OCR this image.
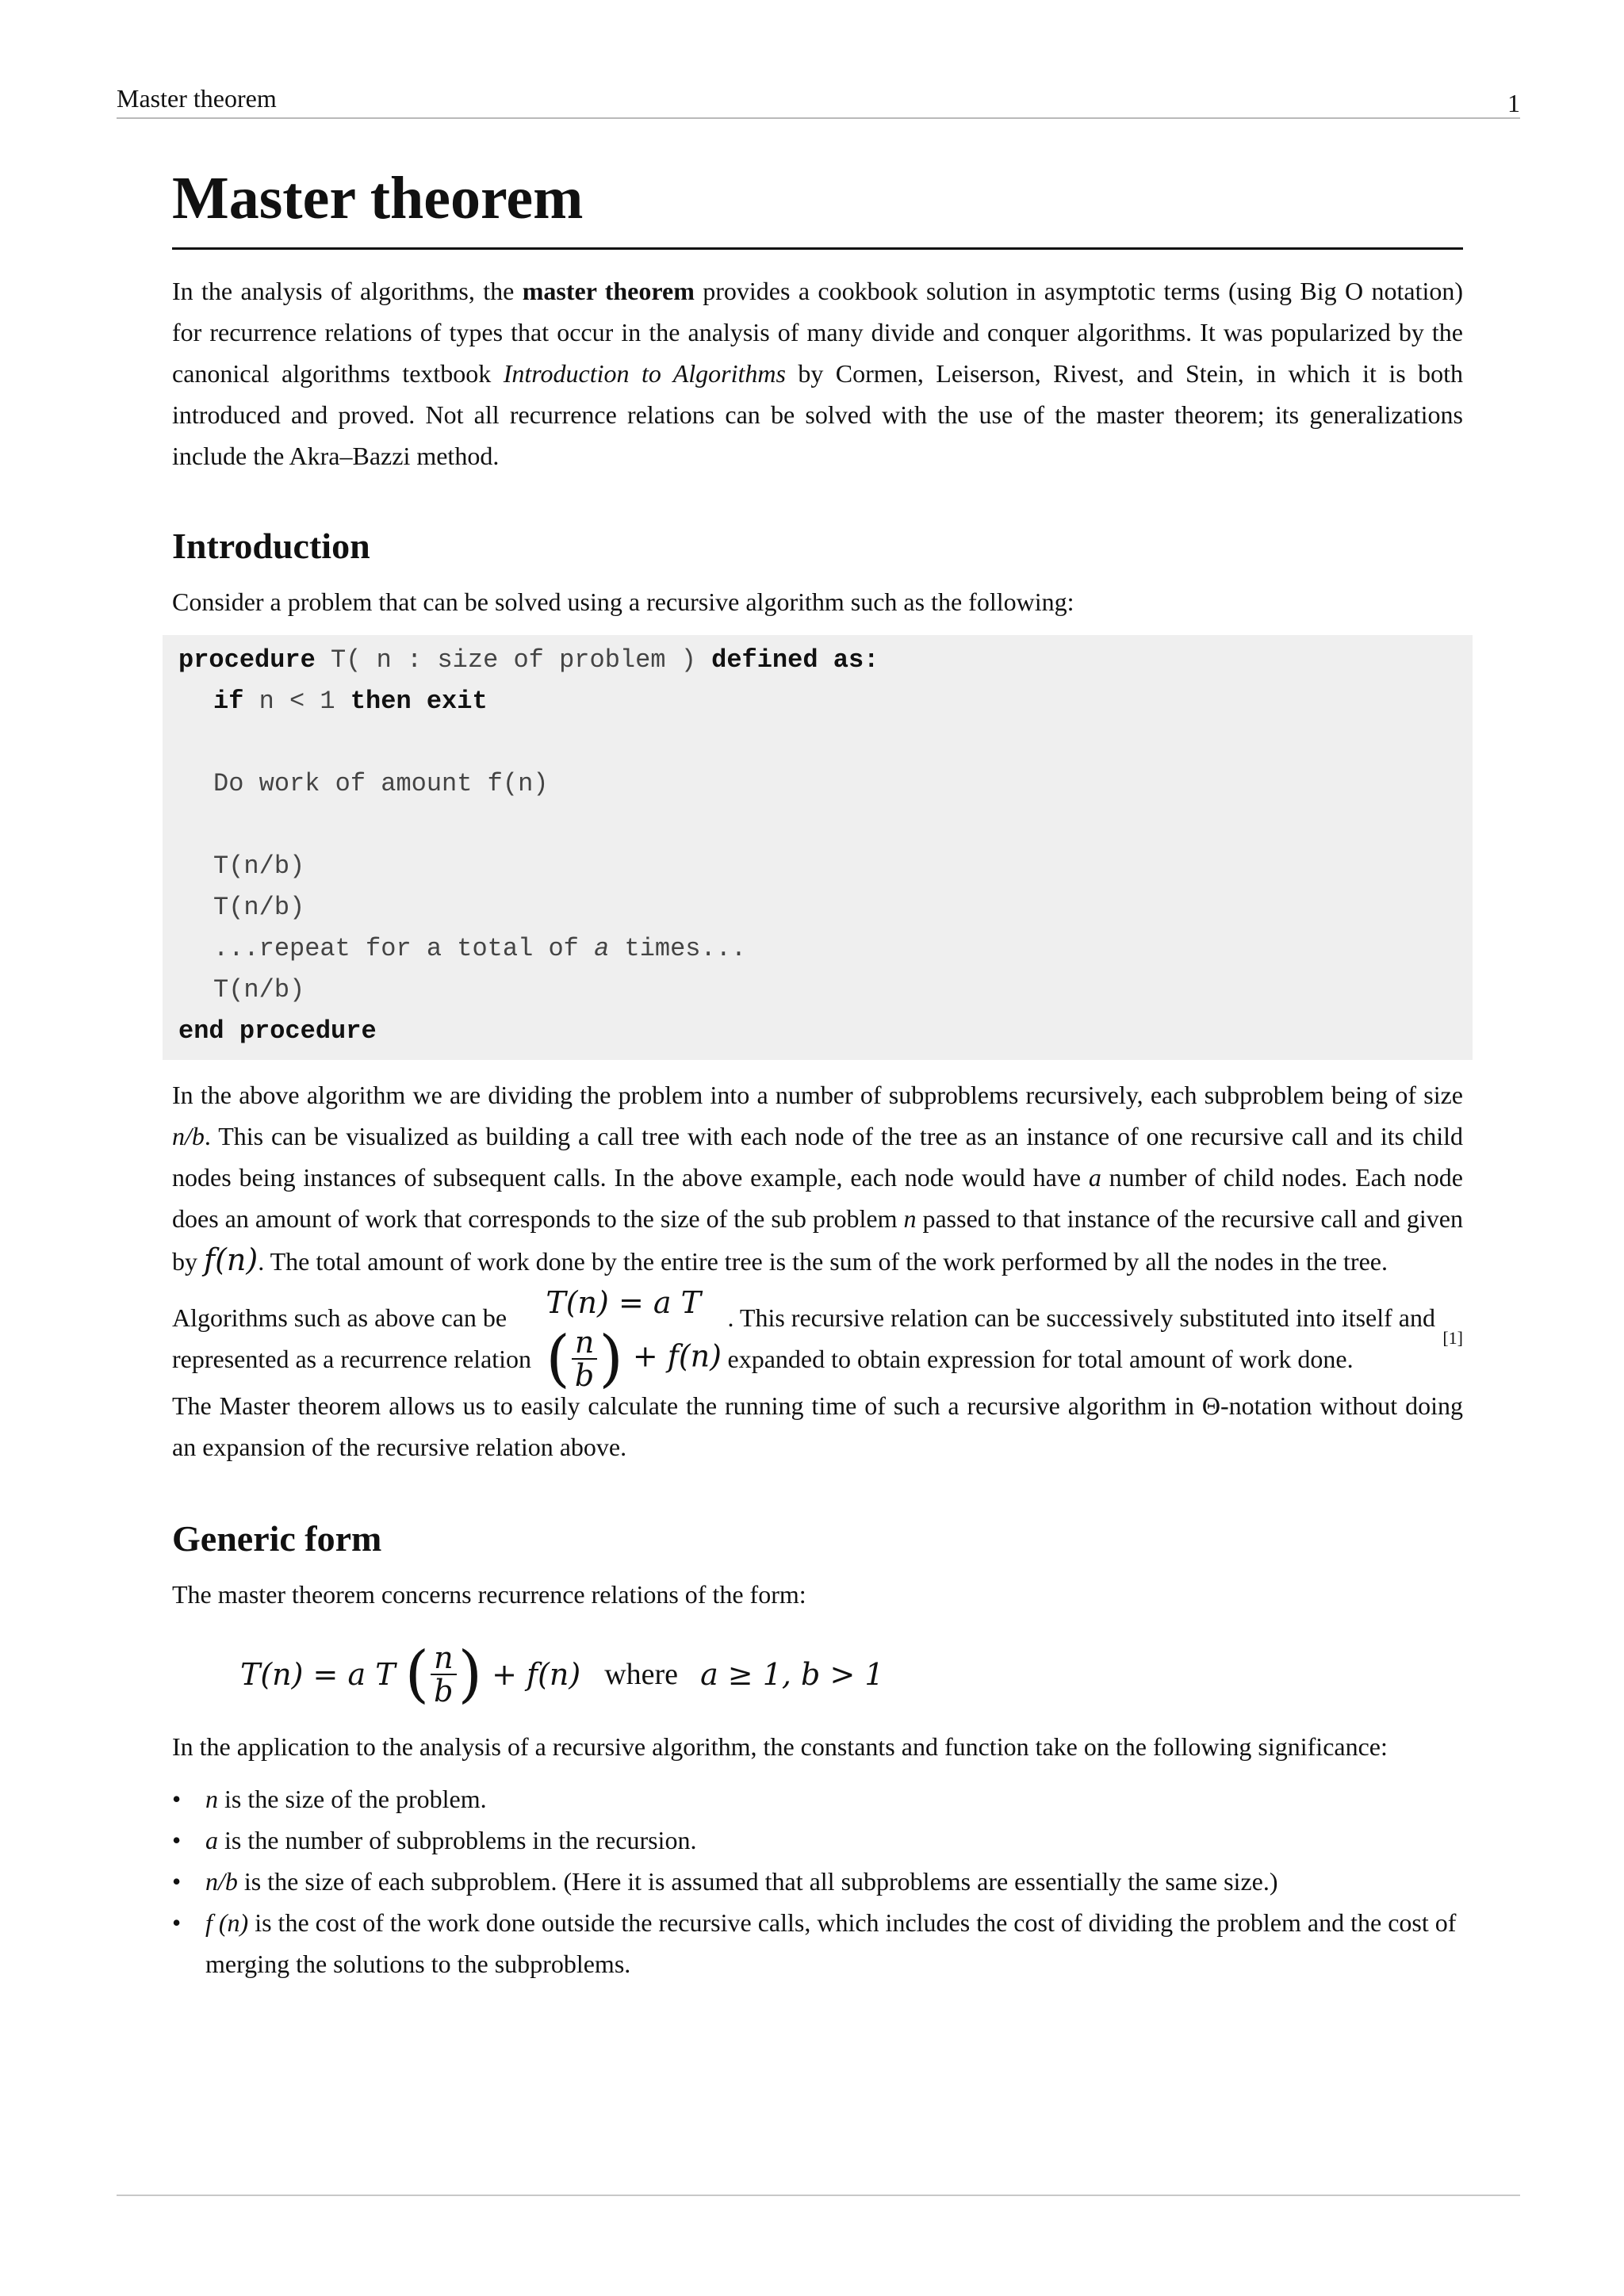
Master theorem	1
Master theorem

In the analysis of algorithms, the master theorem provides a cookbook solution in asymptotic terms (using Big O notation) for recurrence relations of types that occur in the analysis of many divide and conquer algorithms. It was popularized by the canonical algorithms textbook Introduction to Algorithms by Cormen, Leiserson, Rivest, and Stein, in which it is both introduced and proved. Not all recurrence relations can be solved with the use of the master theorem; its generalizations include the Akra–Bazzi method.

Introduction

Consider a problem that can be solved using a recursive algorithm such as the following:

procedure T( n : size of problem ) defined as:
if n < 1 then exit
Do work of amount f(n)
T(n/b)
T(n/b)
...repeat for a total of a times...
T(n/b)
end procedure

In the above algorithm we are dividing the problem into a number of subproblems recursively, each subproblem being of size n/b. This can be visualized as building a call tree with each node of the tree as an instance of one recursive call and its child nodes being instances of subsequent calls. In the above example, each node would have a number of child nodes. Each node does an amount of work that corresponds to the size of the sub problem n passed to that instance of the recursive call and given by f(n). The total amount of work done by the entire tree is the sum of the work performed by all the nodes in the tree.

Algorithms such as above can be represented as a recurrence relation
T(n) = a T ( $\frac{n}{b}$ ) + f(n)
. This recursive relation can be successively substituted into itself and expanded to obtain expression for total amount of work done.
[1]

The Master theorem allows us to easily calculate the running time of such a recursive algorithm in Θ-notation without doing an expansion of the recursive relation above.

Generic form

The master theorem concerns recurrence relations of the form:

T(n) = a T
( $\frac{n}{b}$ )
+ f(n) where a ≥ 1, b > 1

In the application to the analysis of a recursive algorithm, the constants and function take on the following significance:

• n is the size of the problem.
• a is the number of subproblems in the recursion.
• n/b is the size of each subproblem. (Here it is assumed that all subproblems are essentially the same size.)
• f (n) is the cost of the work done outside the recursive calls, which includes the cost of dividing the problem and the cost of merging the solutions to the subproblems.
